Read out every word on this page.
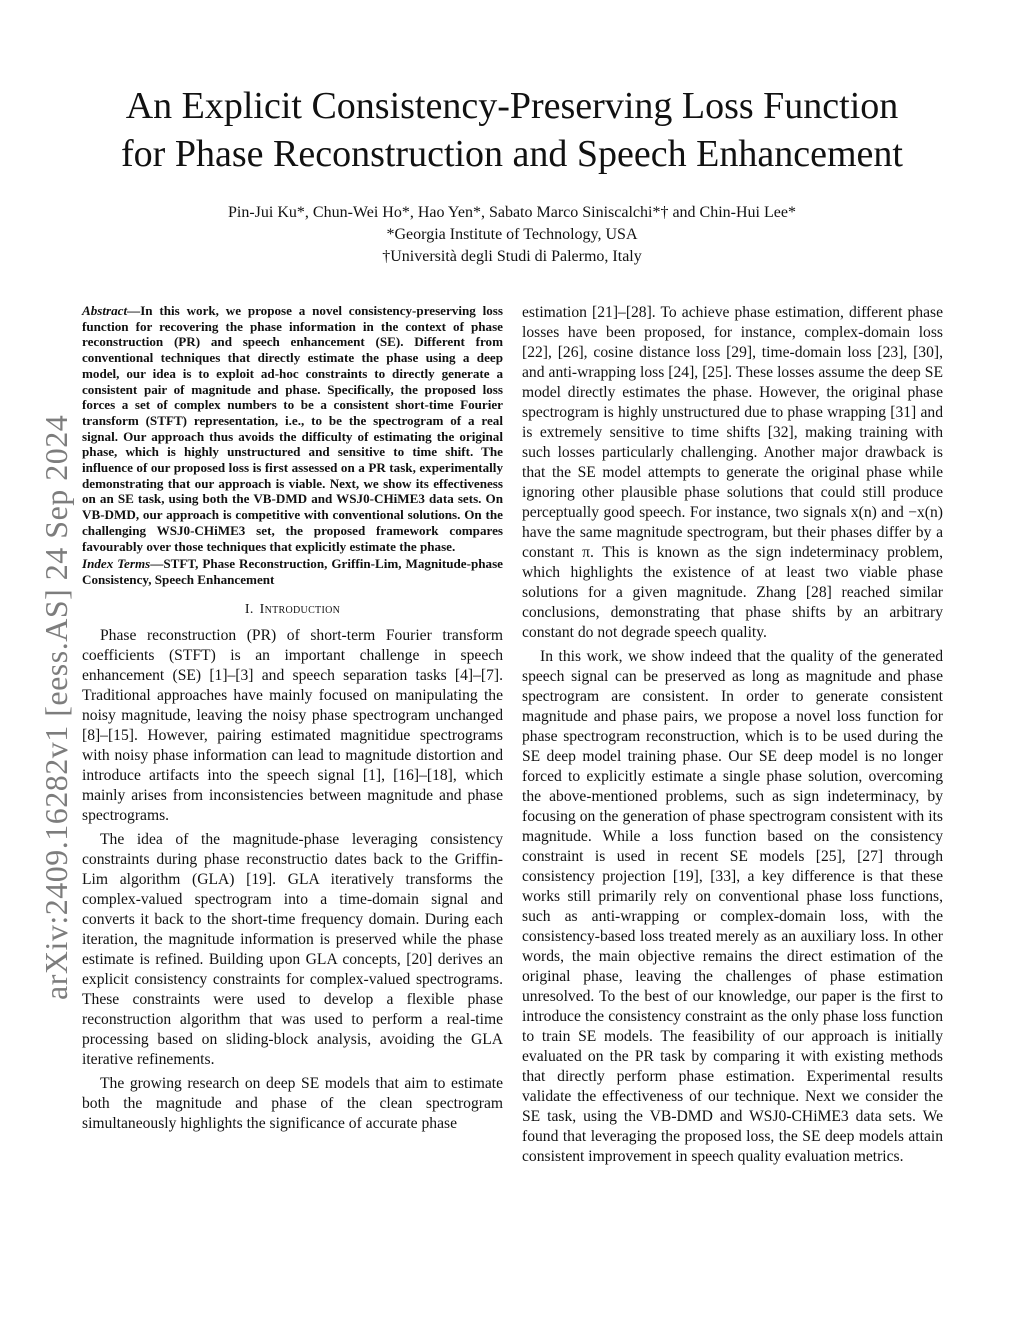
arXiv:2409.16282v1 [eess.AS] 24 Sep 2024
An Explicit Consistency-Preserving Loss Function
for Phase Reconstruction and Speech Enhancement
Pin-Jui Ku*, Chun-Wei Ho*, Hao Yen*, Sabato Marco Siniscalchi*† and Chin-Hui Lee*
*Georgia Institute of Technology, USA
†Università degli Studi di Palermo, Italy

Abstract—In this work, we propose a novel consistency-preserving loss function for recovering the phase information in the context of phase reconstruction (PR) and speech enhancement (SE). Different from conventional techniques that directly estimate the phase using a deep model, our idea is to exploit ad-hoc constraints to directly generate a consistent pair of magnitude and phase. Specifically, the proposed loss forces a set of complex numbers to be a consistent short-time Fourier transform (STFT) representation, i.e., to be the spectrogram of a real signal. Our approach thus avoids the difficulty of estimating the original phase, which is highly unstructured and sensitive to time shift. The influence of our proposed loss is first assessed on a PR task, experimentally demonstrating that our approach is viable. Next, we show its effectiveness on an SE task, using both the VB-DMD and WSJ0-CHiME3 data sets. On VB-DMD, our approach is competitive with conventional solutions. On the challenging WSJ0-CHiME3 set, the proposed framework compares favourably over those techniques that explicitly estimate the phase.

Index Terms—STFT, Phase Reconstruction, Griffin-Lim, Magnitude-phase Consistency, Speech Enhancement

I. Introduction

Phase reconstruction (PR) of short-term Fourier transform coefficients (STFT) is an important challenge in speech enhancement (SE) [1]–[3] and speech separation tasks [4]–[7]. Traditional approaches have mainly focused on manipulating the noisy magnitude, leaving the noisy phase spectrogram unchanged [8]–[15]. However, pairing estimated magnitidue spectrograms with noisy phase information can lead to magnitude distortion and introduce artifacts into the speech signal [1], [16]–[18], which mainly arises from inconsistencies between magnitude and phase spectrograms.

The idea of the magnitude-phase leveraging consistency constraints during phase reconstructio dates back to the Griffin-Lim algorithm (GLA) [19]. GLA iteratively transforms the complex-valued spectrogram into a time-domain signal and converts it back to the short-time frequency domain. During each iteration, the magnitude information is preserved while the phase estimate is refined. Building upon GLA concepts, [20] derives an explicit consistency constraints for complex-valued spectrograms. These constraints were used to develop a flexible phase reconstruction algorithm that was used to perform a real-time processing based on sliding-block analysis, avoiding the GLA iterative refinements.

The growing research on deep SE models that aim to estimate both the magnitude and phase of the clean spectrogram simultaneously highlights the significance of accurate phase

estimation [21]–[28]. To achieve phase estimation, different phase losses have been proposed, for instance, complex-domain loss [22], [26], cosine distance loss [29], time-domain loss [23], [30], and anti-wrapping loss [24], [25]. These losses assume the deep SE model directly estimates the phase. However, the original phase spectrogram is highly unstructured due to phase wrapping [31] and is extremely sensitive to time shifts [32], making training with such losses particularly challenging. Another major drawback is that the SE model attempts to generate the original phase while ignoring other plausible phase solutions that could still produce perceptually good speech. For instance, two signals x(n) and −x(n) have the same magnitude spectrogram, but their phases differ by a constant π. This is known as the sign indeterminacy problem, which highlights the existence of at least two viable phase solutions for a given magnitude. Zhang [28] reached similar conclusions, demonstrating that phase shifts by an arbitrary constant do not degrade speech quality.

In this work, we show indeed that the quality of the generated speech signal can be preserved as long as magnitude and phase spectrogram are consistent. In order to generate consistent magnitude and phase pairs, we propose a novel loss function for phase spectrogram reconstruction, which is to be used during the SE deep model training phase. Our SE deep model is no longer forced to explicitly estimate a single phase solution, overcoming the above-mentioned problems, such as sign indeterminacy, by focusing on the generation of phase spectrogram consistent with its magnitude. While a loss function based on the consistency constraint is used in recent SE models [25], [27] through consistency projection [19], [33], a key difference is that these works still primarily rely on conventional phase loss functions, such as anti-wrapping or complex-domain loss, with the consistency-based loss treated merely as an auxiliary loss. In other words, the main objective remains the direct estimation of the original phase, leaving the challenges of phase estimation unresolved. To the best of our knowledge, our paper is the first to introduce the consistency constraint as the only phase loss function to train SE models. The feasibility of our approach is initially evaluated on the PR task by comparing it with existing methods that directly perform phase estimation. Experimental results validate the effectiveness of our technique. Next we consider the SE task, using the VB-DMD and WSJ0-CHiME3 data sets. We found that leveraging the proposed loss, the SE deep models attain consistent improvement in speech quality evaluation metrics.
